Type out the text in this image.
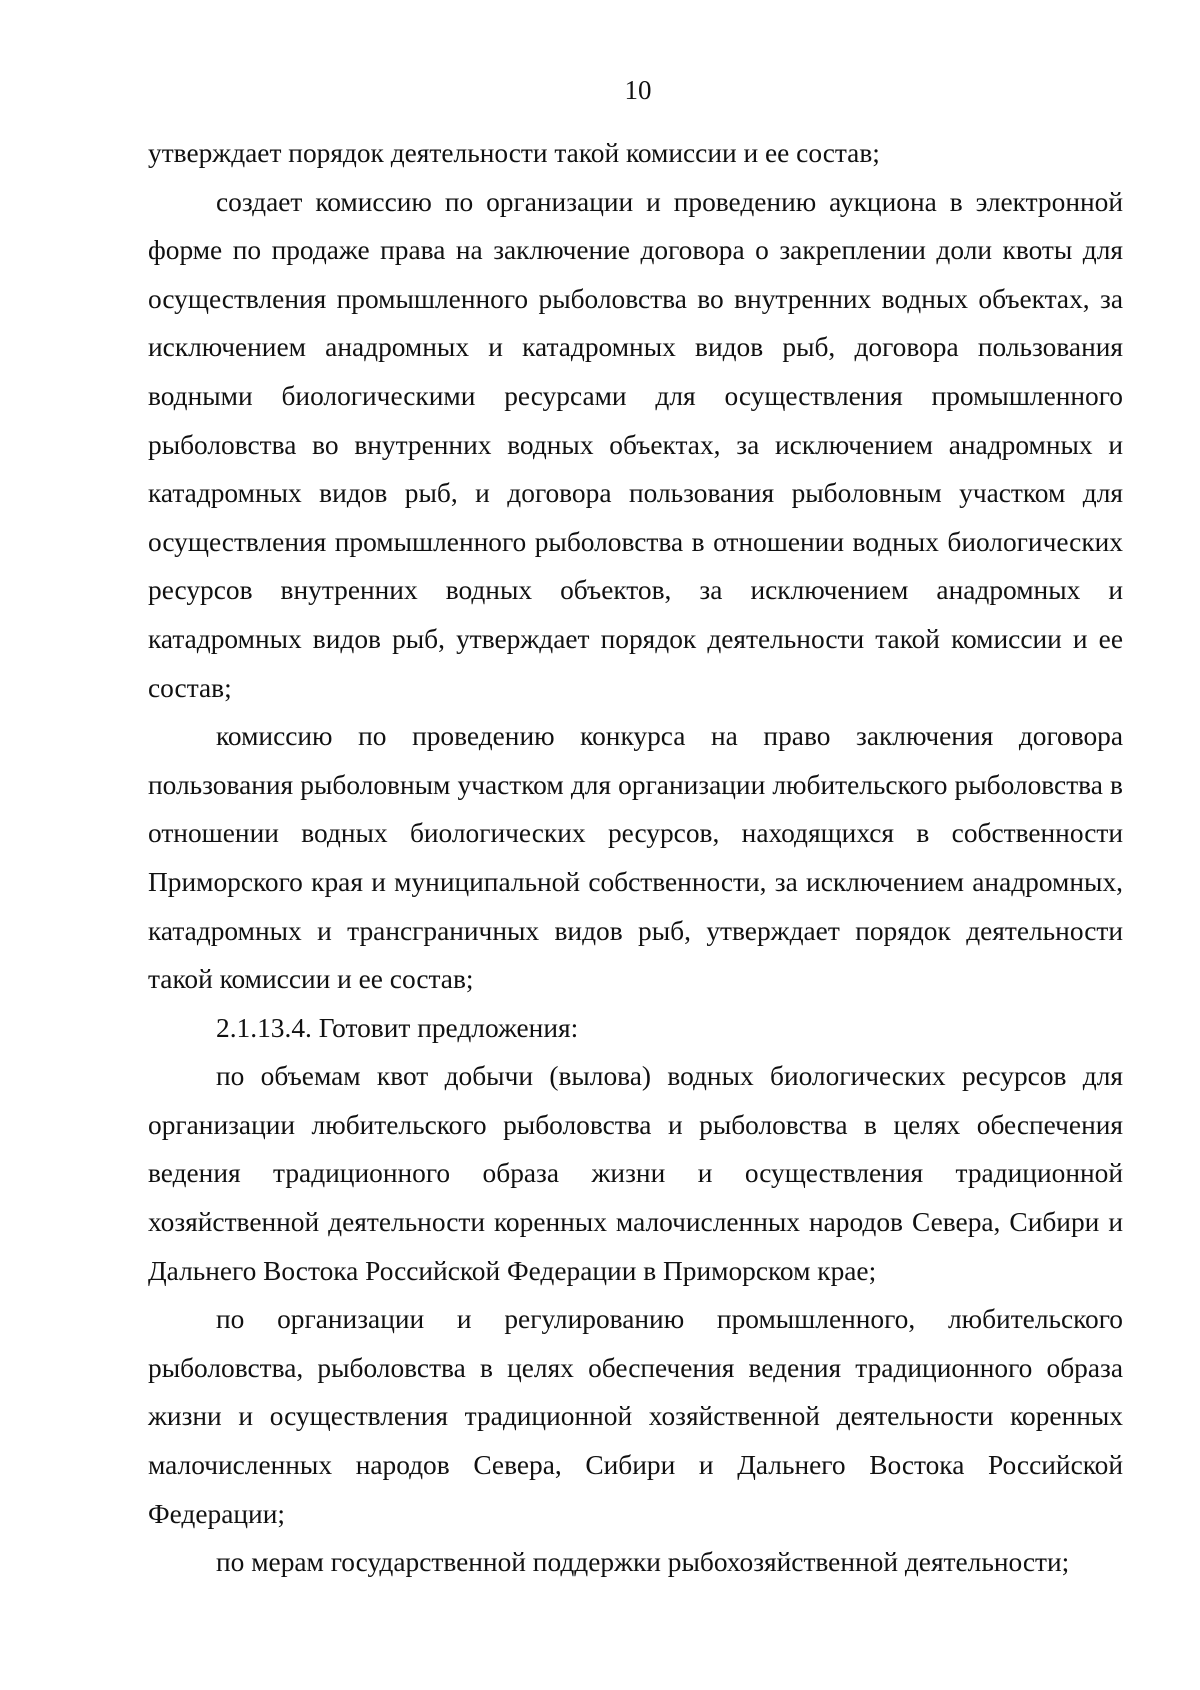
10

утверждает порядок деятельности такой комиссии и ее состав;

создает комиссию по организации и проведению аукциона в электронной форме по продаже права на заключение договора о закреплении доли квоты для осуществления промышленного рыболовства во внутренних водных объектах, за исключением анадромных и катадромных видов рыб, договора пользования водными биологическими ресурсами для осуществления промышленного рыболовства во внутренних водных объектах, за исключением анадромных и катадромных видов рыб, и договора пользования рыболовным участком для осуществления промышленного рыболовства в отношении водных биологических ресурсов внутренних водных объектов, за исключением анадромных и катадромных видов рыб, утверждает порядок деятельности такой комиссии и ее состав;

комиссию по проведению конкурса на право заключения договора пользования рыболовным участком для организации любительского рыболовства в отношении водных биологических ресурсов, находящихся в собственности Приморского края и муниципальной собственности, за исключением анадромных, катадромных и трансграничных видов рыб, утверждает порядок деятельности такой комиссии и ее состав;

2.1.13.4. Готовит предложения:

по объемам квот добычи (вылова) водных биологических ресурсов для организации любительского рыболовства и рыболовства в целях обеспечения ведения традиционного образа жизни и осуществления традиционной хозяйственной деятельности коренных малочисленных народов Севера, Сибири и Дальнего Востока Российской Федерации в Приморском крае;

по организации и регулированию промышленного, любительского рыболовства, рыболовства в целях обеспечения ведения традиционного образа жизни и осуществления традиционной хозяйственной деятельности коренных малочисленных народов Севера, Сибири и Дальнего Востока Российской Федерации;

по мерам государственной поддержки рыбохозяйственной деятельности;
